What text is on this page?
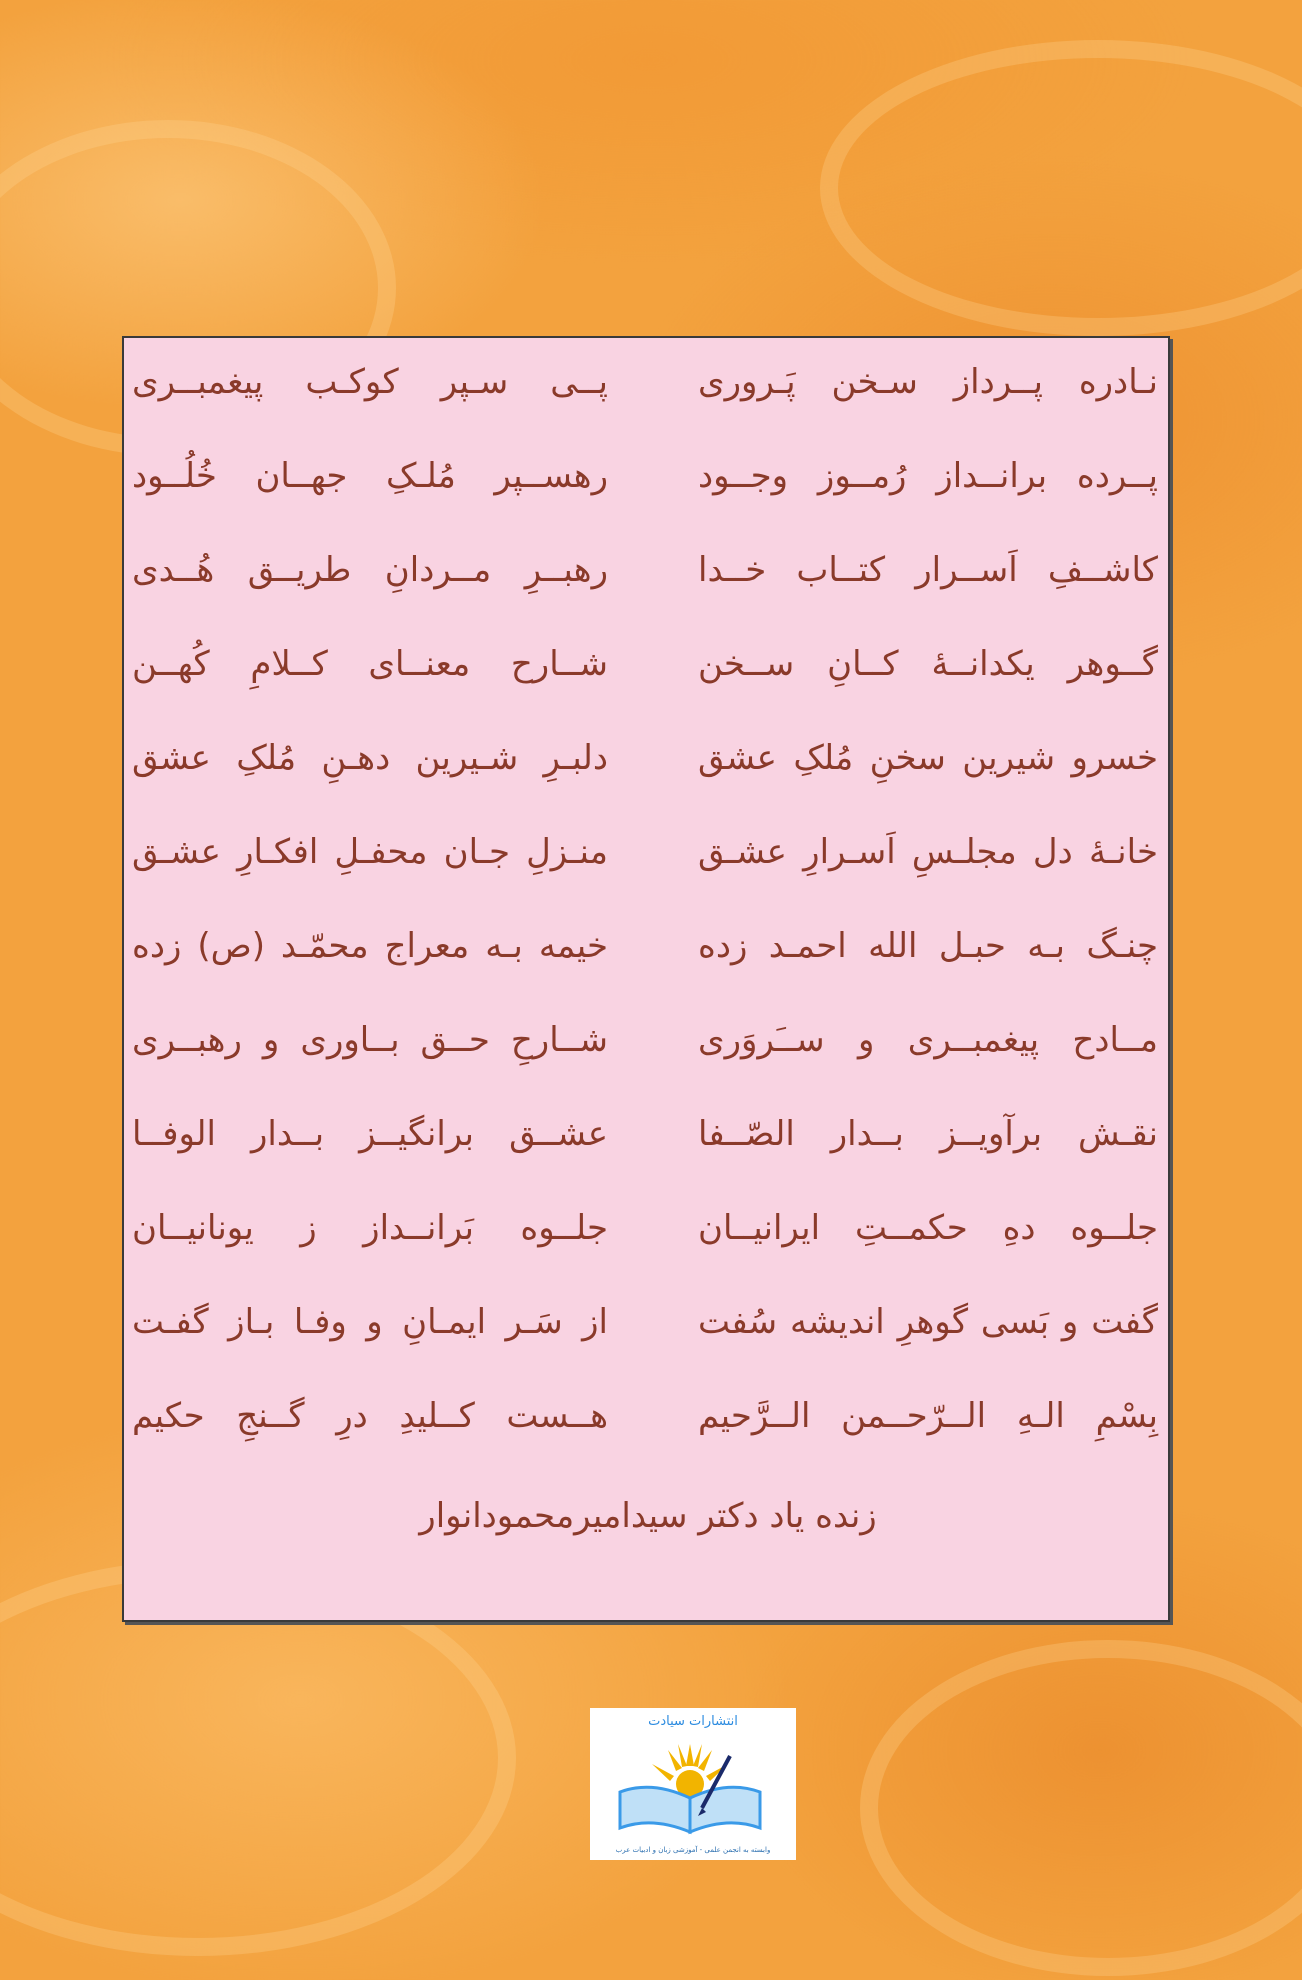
زنده یاد دکتر سیدامیرمحمودانوار
نـادره پــرداز سـخن پَـروری
پــی سـپر کوکـب پیغمبــری
پــرده برانــداز رُمــوز وجــود
رهســپر مُلـکِ جهــان خُلُــود
کاشــفِ اَســرار کتــاب خــدا
رهبــرِ مــردانِ طریــق هُــدی
گــوهر یکدانــهٔ کــانِ ســخن
شــارح معنــای کــلامِ کُهــن
خسرو شیرین سخنِ مُلکِ عشق
دلبـرِ شـیرین دهـنِ مُلکِ عشق
خانـهٔ دل مجلـسِ اَسـرارِ عشـق
منـزلِ جـان محفـلِ افکـارِ عشـق
چنـگ بـه حبـل الله احمـد زده
خیمه بـه معراج محمّـد (ص) زده
مــادح پیغمبــری و ســَروَری
شــارحِ حــق بــاوری و رهبــری
نقـش برآویــز بــدار الصّــفا
عشــق برانگیــز بــدار الوفــا
جلــوه دهِ حکمــتِ ایرانیــان
جلــوه بَرانــداز ز یونانیــان
گفت و بَسی گوهرِ اندیشه سُفت
از سَـر ایمـانِ و وفـا بـاز گفـت
بِسْمِ الـهِ الــرّحــمن الــرَّحیم
هــست کــلیدِ درِ گــنجِ حکیم
انتشارات سیادت
وابسته به انجمن علمی - آموزشی زبان و ادبیات عرب
